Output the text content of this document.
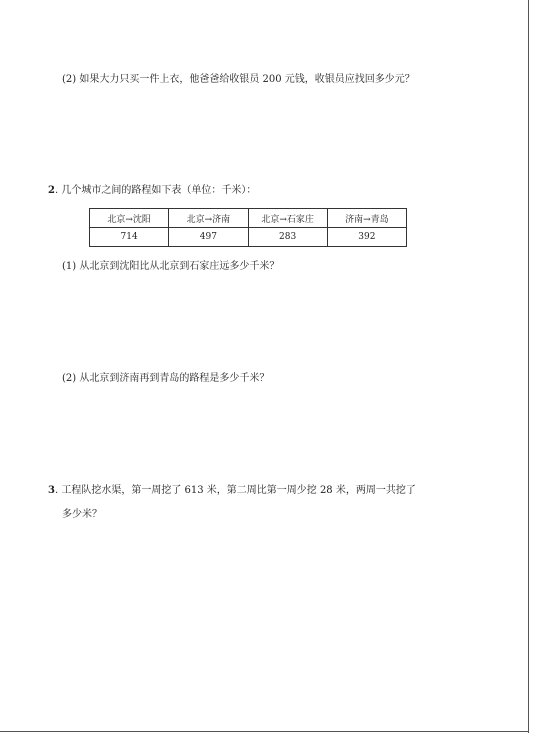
(2) 如果大力只买一件上衣，他爸爸给收银员 200 元钱，收银员应找回多少元？
2. 几个城市之间的路程如下表（单位：千米）：
北京→沈阳	北京→济南	北京→石家庄	济南→青岛
714	497	283	392
(1) 从北京到沈阳比从北京到石家庄远多少千米？
(2) 从北京到济南再到青岛的路程是多少千米？
3. 工程队挖水渠，第一周挖了 613 米，第二周比第一周少挖 28 米，两周一共挖了
多少米？
